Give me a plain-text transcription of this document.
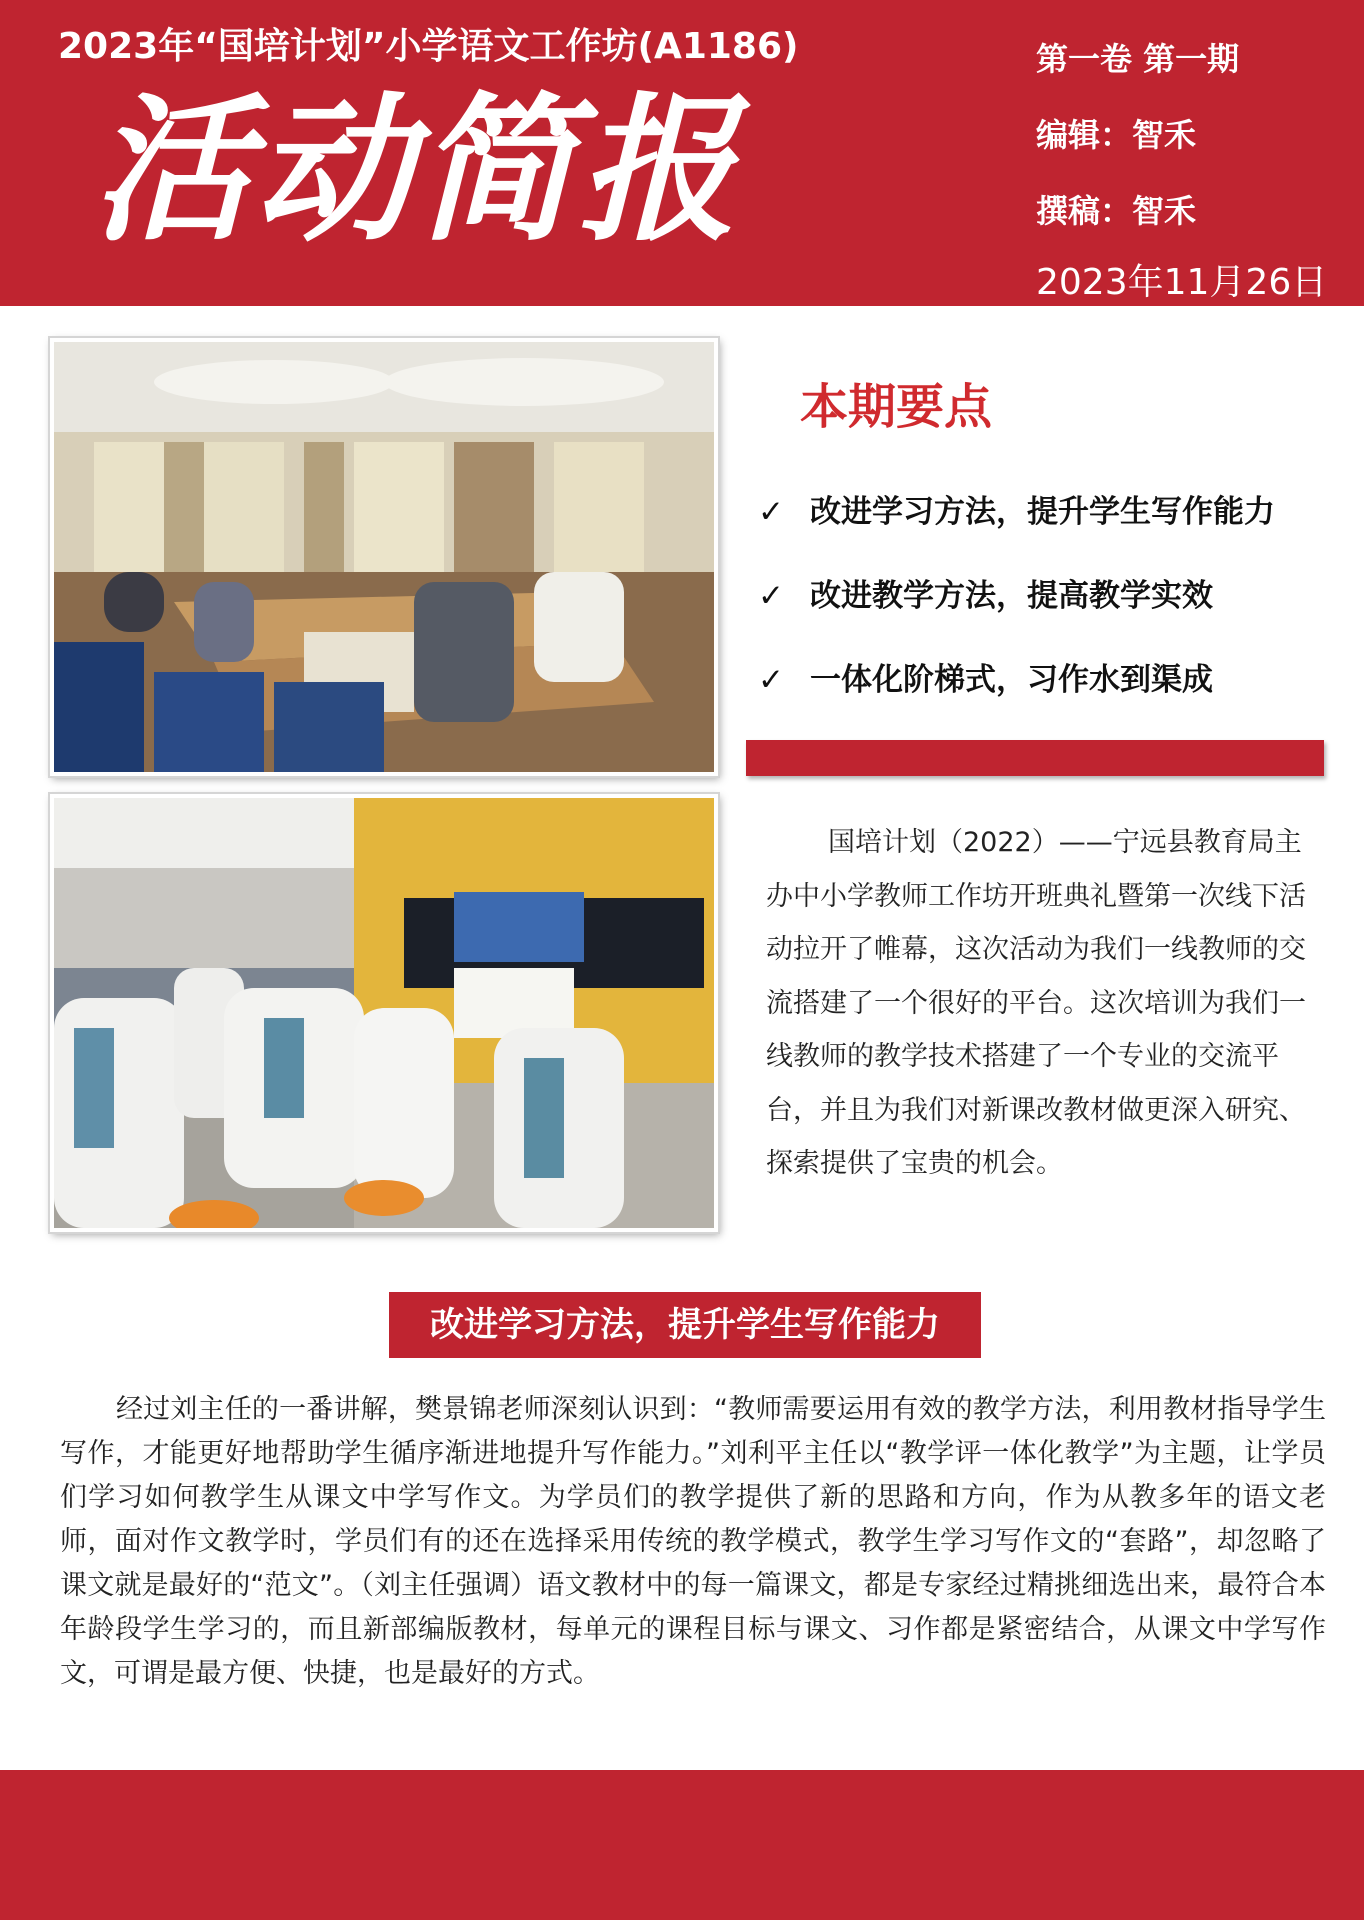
2023年“国培计划”小学语文工作坊(A1186)
活动简报
第一卷 第一期
编辑：智禾
撰稿：智禾
2023年11月26日
本期要点
✓ 改进学习方法，提升学生写作能力
✓ 改进教学方法，提高教学实效
✓ 一体化阶梯式，习作水到渠成

国培计划（2022）——宁远县教育局主办中小学教师工作坊开班典礼暨第一次线下活动拉开了帷幕，这次活动为我们一线教师的交流搭建了一个很好的平台。这次培训为我们一线教师的教学技术搭建了一个专业的交流平台，并且为我们对新课改教材做更深入研究、探索提供了宝贵的机会。

改进学习方法，提升学生写作能力

经过刘主任的一番讲解，樊景锦老师深刻认识到：“教师需要运用有效的教学方法，利用教材指导学生写作，才能更好地帮助学生循序渐进地提升写作能力。”刘利平主任以“教学评一体化教学”为主题，让学员们学习如何教学生从课文中学写作文。为学员们的教学提供了新的思路和方向，作为从教多年的语文老师，面对作文教学时，学员们有的还在选择采用传统的教学模式，教学生学习写作文的“套路”，却忽略了课文就是最好的“范文”。（刘主任强调）语文教材中的每一篇课文，都是专家经过精挑细选出来，最符合本年龄段学生学习的，而且新部编版教材，每单元的课程目标与课文、习作都是紧密结合，从课文中学写作文，可谓是最方便、快捷，也是最好的方式。
